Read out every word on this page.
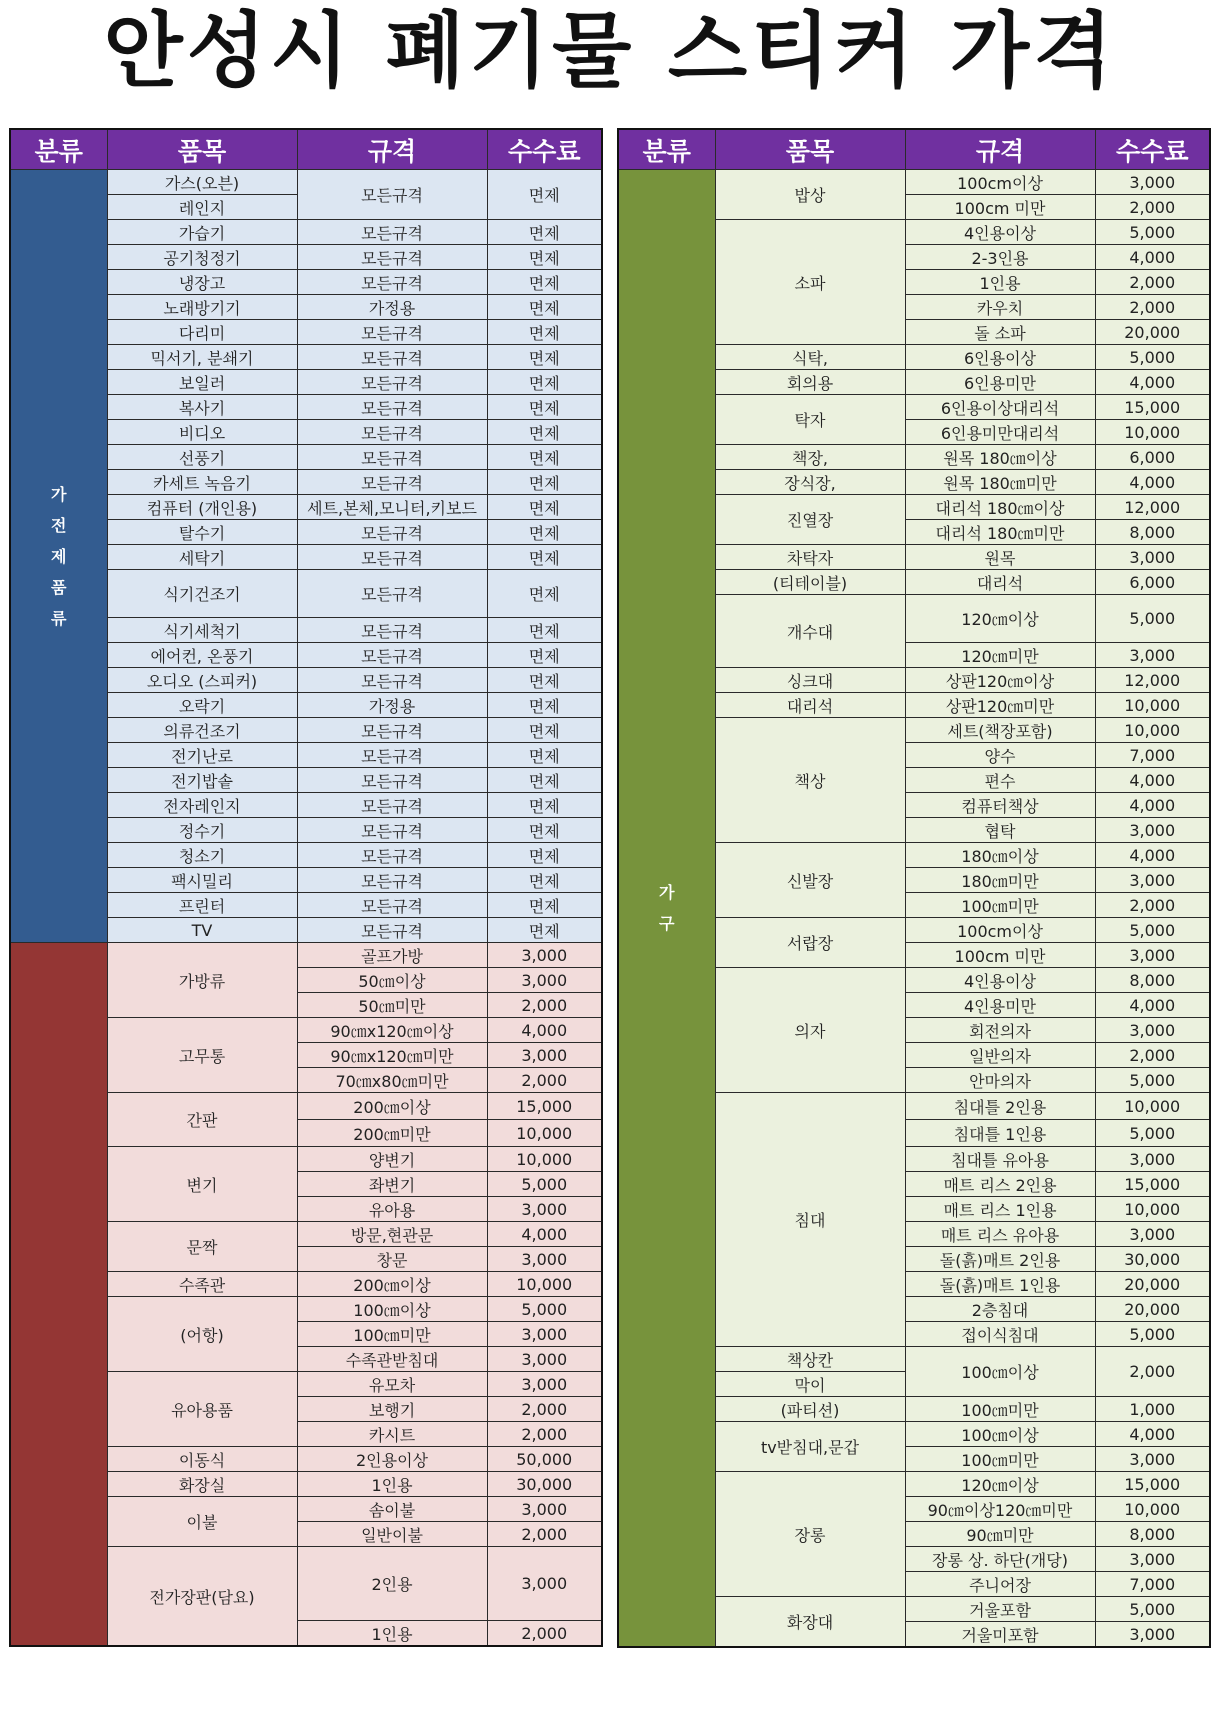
안성시 폐기물 스티커 가격
분류	품목	규격	수수료
가전제품류	가스(오븐)	모든규격	면제
	레인지		
	가습기	모든규격	면제
	공기청정기	모든규격	면제
	냉장고	모든규격	면제
	노래방기기	가정용	면제
	다리미	모든규격	면제
	믹서기, 분쇄기	모든규격	면제
	보일러	모든규격	면제
	복사기	모든규격	면제
	비디오	모든규격	면제
	선풍기	모든규격	면제
	카세트 녹음기	모든규격	면제
	컴퓨터 (개인용)	세트,본체,모니터,키보드	면제
	탈수기	모든규격	면제
	세탁기	모든규격	면제
	식기건조기	모든규격	면제
	식기세척기	모든규격	면제
	에어컨, 온풍기	모든규격	면제
	오디오 (스피커)	모든규격	면제
	오락기	가정용	면제
	의류건조기	모든규격	면제
	전기난로	모든규격	면제
	전기밥솥	모든규격	면제
	전자레인지	모든규격	면제
	정수기	모든규격	면제
	청소기	모든규격	면제
	팩시밀리	모든규격	면제
	프린터	모든규격	면제
	TV	모든규격	면제
	가방류	골프가방	3,000
		50㎝이상	3,000
		50㎝미만	2,000
	고무통	90㎝x120㎝이상	4,000
		90㎝x120㎝미만	3,000
		70㎝x80㎝미만	2,000
	간판	200㎝이상	15,000
		200㎝미만	10,000
	변기	양변기	10,000
		좌변기	5,000
		유아용	3,000
	문짝	방문,현관문	4,000
		창문	3,000
	수족관	200㎝이상	10,000
	(어항)	100㎝이상	5,000
		100㎝미만	3,000
		수족관받침대	3,000
	유아용품	유모차	3,000
		보행기	2,000
		카시트	2,000
	이동식	2인용이상	50,000
	화장실	1인용	30,000
	이불	솜이불	3,000
		일반이불	2,000
	전가장판(담요)	2인용	3,000
		1인용	2,000
분류	품목	규격	수수료
가구	밥상	100cm이상	3,000
		100cm 미만	2,000
	소파	4인용이상	5,000
		2-3인용	4,000
		1인용	2,000
		카우치	2,000
		돌 소파	20,000
	식탁,	6인용이상	5,000
	회의용	6인용미만	4,000
	탁자	6인용이상대리석	15,000
		6인용미만대리석	10,000
	책장,	원목 180㎝이상	6,000
	장식장,	원목 180㎝미만	4,000
	진열장	대리석 180㎝이상	12,000
		대리석 180㎝미만	8,000
	차탁자	원목	3,000
	(티테이블)	대리석	6,000
	개수대	120㎝이상	5,000
		120㎝미만	3,000
	싱크대	상판120㎝이상	12,000
	대리석	상판120㎝미만	10,000
	책상	세트(책장포함)	10,000
		양수	7,000
		편수	4,000
		컴퓨터책상	4,000
		협탁	3,000
	신발장	180㎝이상	4,000
		180㎝미만	3,000
		100㎝미만	2,000
	서랍장	100cm이상	5,000
		100cm 미만	3,000
	의자	4인용이상	8,000
		4인용미만	4,000
		회전의자	3,000
		일반의자	2,000
		안마의자	5,000
	침대	침대틀 2인용	10,000
		침대틀 1인용	5,000
		침대틀 유아용	3,000
		매트 리스 2인용	15,000
		매트 리스 1인용	10,000
		매트 리스 유아용	3,000
		돌(흙)매트 2인용	30,000
		돌(흙)매트 1인용	20,000
		2층침대	20,000
		접이식침대	5,000
	책상칸	100㎝이상	2,000
	막이		
	(파티션)	100㎝미만	1,000
	tv받침대,문갑	100㎝이상	4,000
		100㎝미만	3,000
	장롱	120㎝이상	15,000
		90㎝이상120㎝미만	10,000
		90㎝미만	8,000
		장롱 상. 하단(개당)	3,000
		주니어장	7,000
	화장대	거울포함	5,000
		거울미포함	3,000
